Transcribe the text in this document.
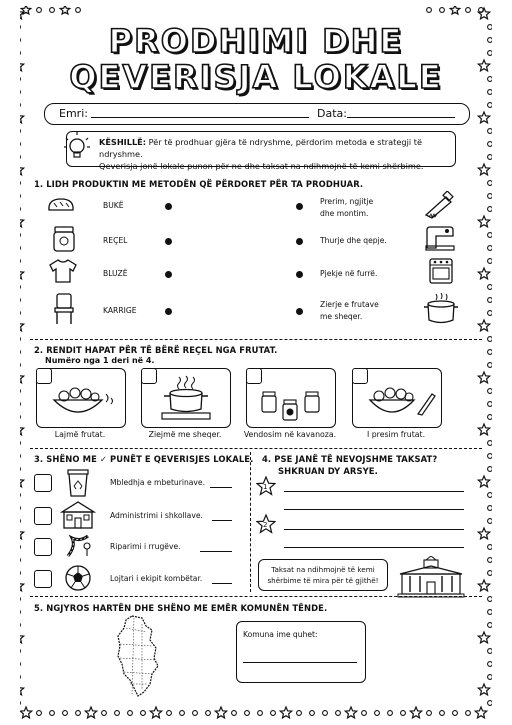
PRODHIMI DHE
QEVERISJA LOKALE
Emri:	Data:
KËSHILLË: Për të prodhuar gjëra të ndryshme, përdorim metoda e strategji të ndryshme.
Qeverisja jonë lokale punon për ne dhe taksat na ndihmojnë të kemi shërbime.
1. LIDH PRODUKTIN ME METODËN QË PËRDORET PËR TA PRODHUAR.
BUKË
REÇEL
BLUZË
KARRIGE
Prerim, ngjitje
dhe montim.
Thurje dhe qepje.
Pjekje në furrë.
Zierje e frutave
me sheqer.
2. RENDIT HAPAT PËR TË BËRË REÇEL NGA FRUTAT.
Numëro nga 1 deri në 4.
Lajmë frutat.	Ziejmë me sheqer.	Vendosim në kavanoza.	I presim frutat.
3. SHËNO ME ✓ PUNËT E QEVERISJES LOKALE.
Mbledhja e mbeturinave.
Administrimi i shkollave.
Riparimi i rrugëve.
Lojtari i ekipit kombëtar.
4. PSE JANË TË NEVOJSHME TAKSAT?
SHKRUAN DY ARSYE.
1
2
Taksat na ndihmojnë të kemi
shërbime të mira për të gjithë!
5. NGJYROS HARTËN DHE SHËNO ME EMËR KOMUNËN TËNDE.
Komuna ime quhet:
